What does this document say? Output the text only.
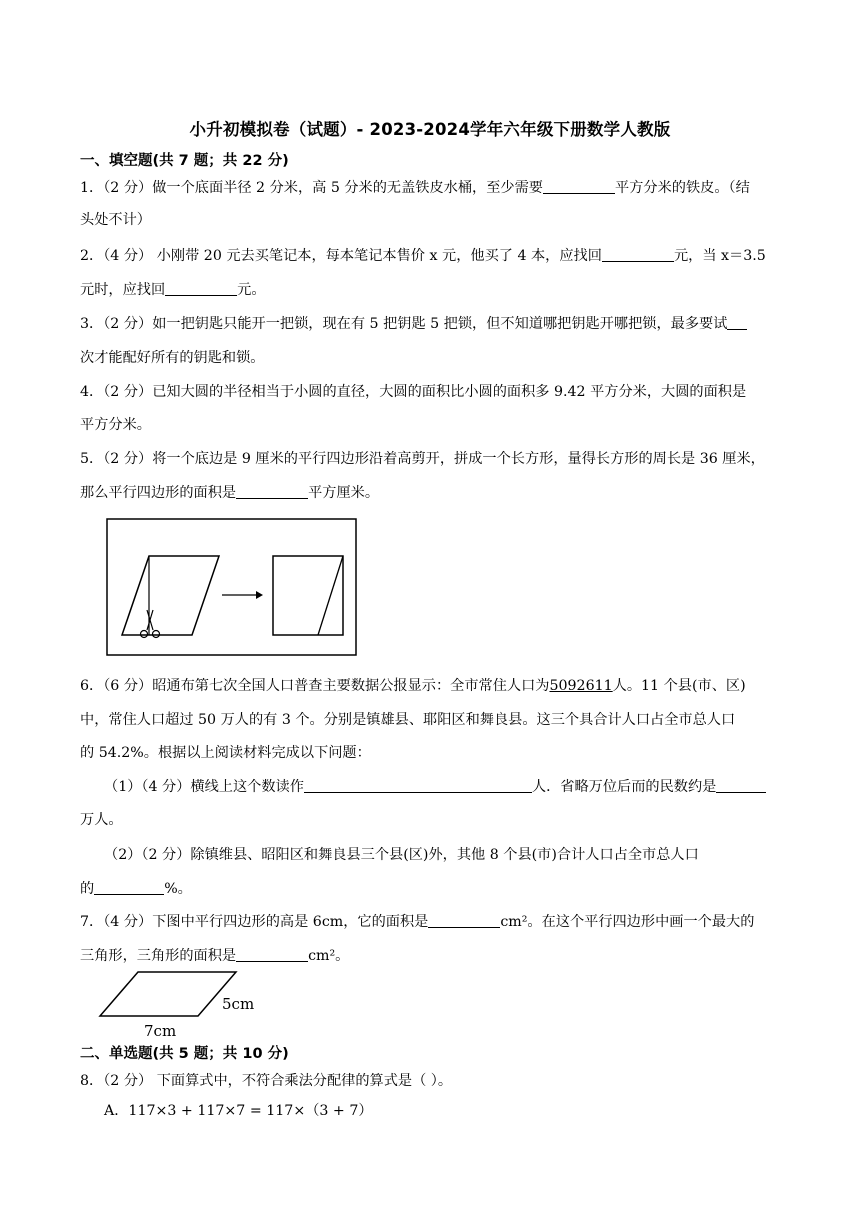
小升初模拟卷（试题）- 2023-2024学年六年级下册数学人教版
一、填空题(共 7 题；共 22 分)
1．（2 分）做一个底面半径 2 分米，高 5 分米的无盖铁皮水桶，至少需要	平方分米的铁皮。（结
头处不计）
2．（4 分） 小刚带 20 元去买笔记本，每本笔记本售价 x 元，他买了 4 本，应找回	元，当 x＝3.5
元时，应找回	元。
3．（2 分）如一把钥匙只能开一把锁，现在有 5 把钥匙 5 把锁，但不知道哪把钥匙开哪把锁，最多要试
次才能配好所有的钥匙和锁。
4．（2 分）已知大圆的半径相当于小圆的直径，大圆的面积比小圆的面积多 9.42 平方分米，大圆的面积是
平方分米。
5．（2 分）将一个底边是 9 厘米的平行四边形沿着高剪开，拼成一个长方形，量得长方形的周长是 36 厘米，
那么平行四边形的面积是	平方厘米。
6．（6 分）昭通布第七次全国人口普查主要数据公报显示：全市常住人口为5092611人。11 个县(市、区)
中，常住人口超过 50 万人的有 3 个。分别是镇雄县、耶阳区和舞良县。这三个具合计人口占全市总人口
的 54.2%。根据以上阅读材料完成以下问题：
（1）（4 分）横线上这个数读作	人．省略万位后而的民数约是
万人。
（2）（2 分）除镇维县、昭阳区和舞良县三个县(区)外，其他 8 个县(市)合计人口占全市总人口
的	%。
7．（4 分）下图中平行四边形的高是 6cm，它的面积是	cm²。在这个平行四边形中画一个最大的
三角形，三角形的面积是	cm²。
5cm
7cm
二、单选题(共 5 题；共 10 分)
8．（2 分） 下面算式中，不符合乘法分配律的算式是（ ）。
A．117×3 + 117×7 = 117×（3 + 7）
